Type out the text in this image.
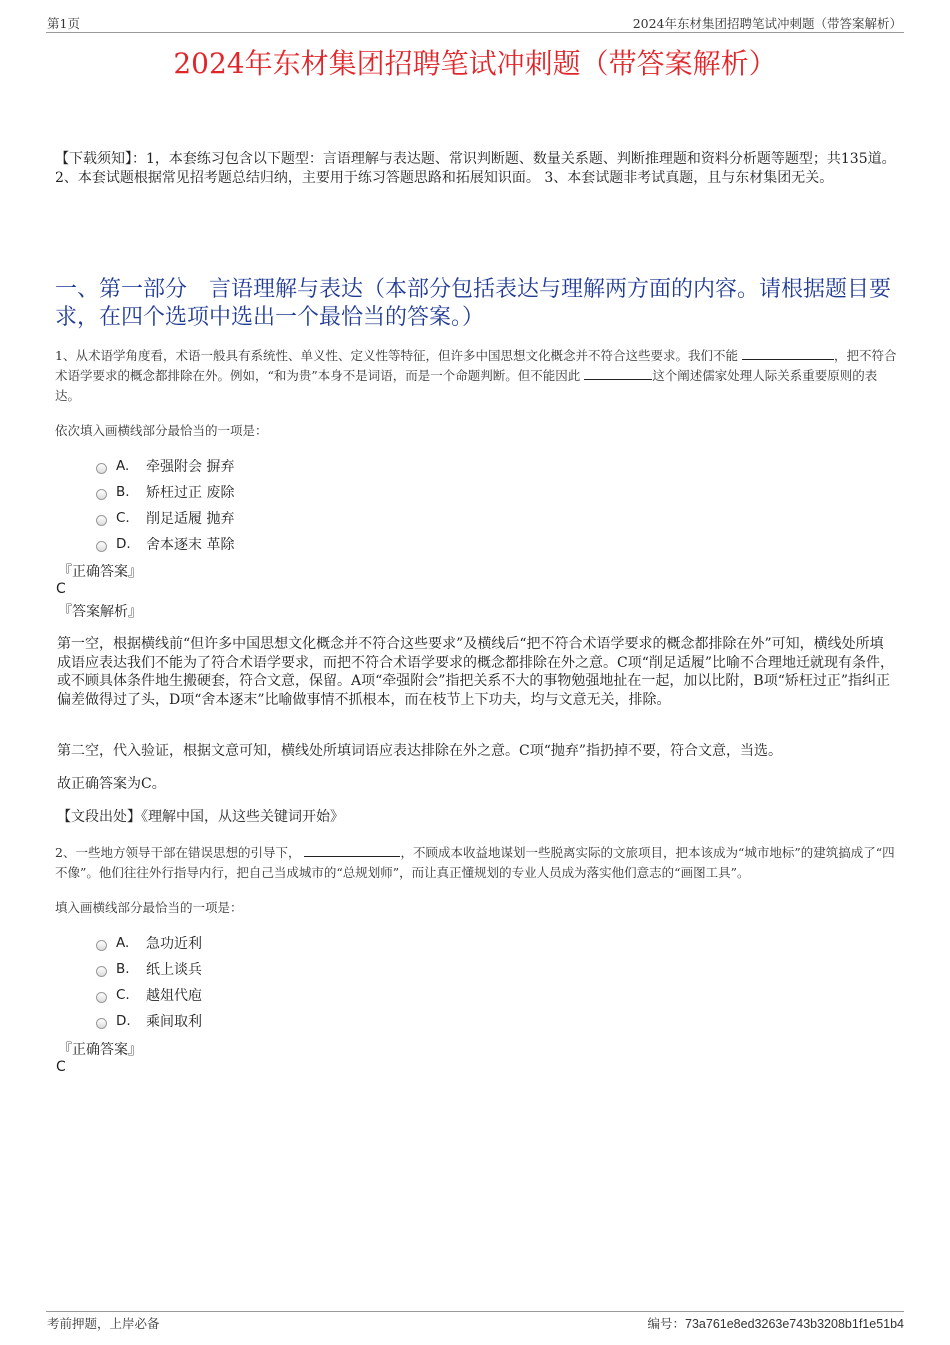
第1页	2024年东材集团招聘笔试冲刺题（带答案解析）
2024年东材集团招聘笔试冲刺题（带答案解析）
【下载须知】：1，本套练习包含以下题型：言语理解与表达题、常识判断题、数量关系题、判断推理题和资料分析题等题型；共135道。 2、本套试题根据常见招考题总结归纳，主要用于练习答题思路和拓展知识面。 3、本套试题非考试真题，且与东材集团无关。
一、第一部分　言语理解与表达（本部分包括表达与理解两方面的内容。请根据题目要求，在四个选项中选出一个最恰当的答案。）
1、从术语学角度看，术语一般具有系统性、单义性、定义性等特征，但许多中国思想文化概念并不符合这些要求。我们不能	，把不符合术语学要求的概念都排除在外。例如，“和为贵”本身不是词语，而是一个命题判断。但不能因此	这个阐述儒家处理人际关系重要原则的表达。
依次填入画横线部分最恰当的一项是：
A.	牵强附会 摒弃
B.	矫枉过正 废除
C.	削足适履 抛弃
D.	舍本逐末 革除
『正确答案』
C
『答案解析』
第一空，根据横线前“但许多中国思想文化概念并不符合这些要求”及横线后“把不符合术语学要求的概念都排除在外”可知，横线处所填成语应表达我们不能为了符合术语学要求，而把不符合术语学要求的概念都排除在外之意。C项“削足适履”比喻不合理地迁就现有条件，或不顾具体条件地生搬硬套，符合文意，保留。A项“牵强附会”指把关系不大的事物勉强地扯在一起，加以比附，B项“矫枉过正”指纠正偏差做得过了头，D项“舍本逐末”比喻做事情不抓根本，而在枝节上下功夫，均与文意无关，排除。
第二空，代入验证，根据文意可知，横线处所填词语应表达排除在外之意。C项“抛弃”指扔掉不要，符合文意，当选。
故正确答案为C。
【文段出处】《理解中国，从这些关键词开始》
2、一些地方领导干部在错误思想的引导下，	，不顾成本收益地谋划一些脱离实际的文旅项目，把本该成为“城市地标”的建筑搞成了“四不像”。他们往往外行指导内行，把自己当成城市的“总规划师”，而让真正懂规划的专业人员成为落实他们意志的“画图工具”。
填入画横线部分最恰当的一项是：
A.	急功近利
B.	纸上谈兵
C.	越俎代庖
D.	乘间取利
『正确答案』
C
考前押题，上岸必备	编号：73a761e8ed3263e743b3208b1f1e51b4
